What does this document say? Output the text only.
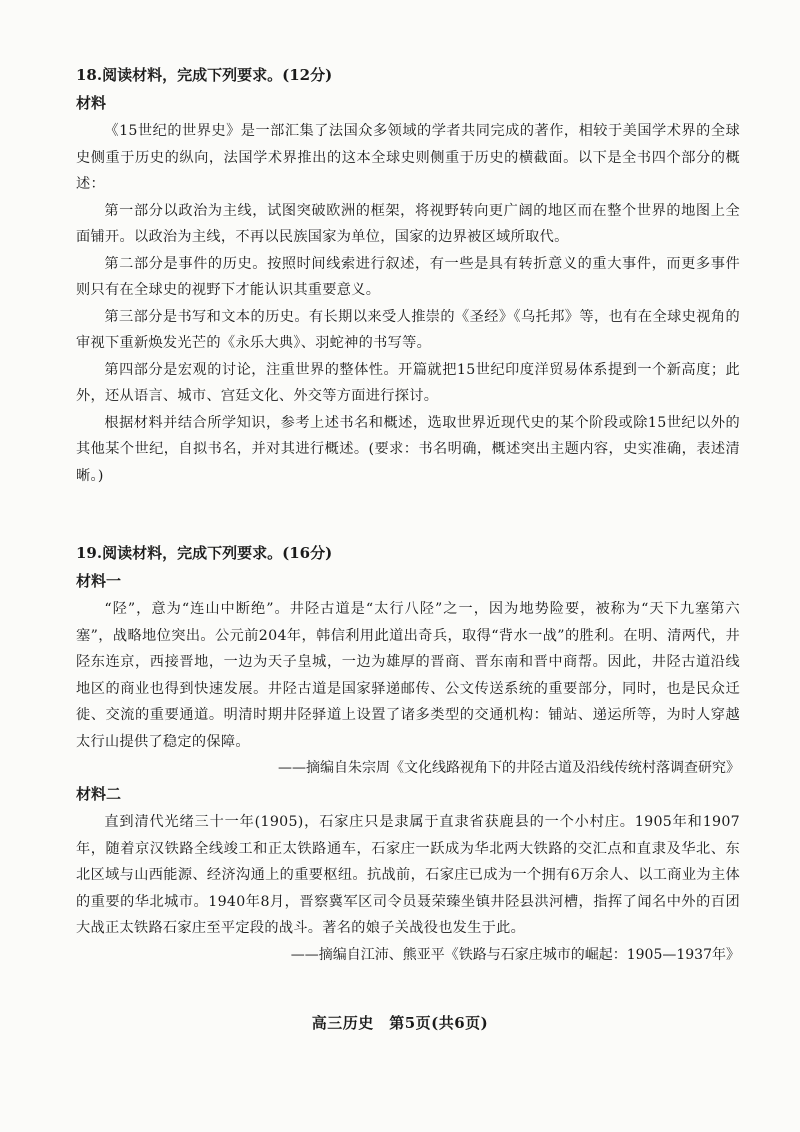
18.阅读材料，完成下列要求。(12分)
材料

《15世纪的世界史》是一部汇集了法国众多领域的学者共同完成的著作，相较于美国学术界的全球史侧重于历史的纵向，法国学术界推出的这本全球史则侧重于历史的横截面。以下是全书四个部分的概述：

第一部分以政治为主线，试图突破欧洲的框架，将视野转向更广阔的地区而在整个世界的地图上全面铺开。以政治为主线，不再以民族国家为单位，国家的边界被区域所取代。

第二部分是事件的历史。按照时间线索进行叙述，有一些是具有转折意义的重大事件，而更多事件则只有在全球史的视野下才能认识其重要意义。

第三部分是书写和文本的历史。有长期以来受人推崇的《圣经》《乌托邦》等，也有在全球史视角的审视下重新焕发光芒的《永乐大典》、羽蛇神的书写等。

第四部分是宏观的讨论，注重世界的整体性。开篇就把15世纪印度洋贸易体系提到一个新高度；此外，还从语言、城市、宫廷文化、外交等方面进行探讨。

根据材料并结合所学知识，参考上述书名和概述，选取世界近现代史的某个阶段或除15世纪以外的其他某个世纪，自拟书名，并对其进行概述。(要求：书名明确，概述突出主题内容，史实准确，表述清晰。)

19.阅读材料，完成下列要求。(16分)
材料一

“陉”，意为“连山中断绝”。井陉古道是“太行八陉”之一，因为地势险要，被称为“天下九塞第六塞”，战略地位突出。公元前204年，韩信利用此道出奇兵，取得“背水一战”的胜利。在明、清两代，井陉东连京，西接晋地，一边为天子皇城，一边为雄厚的晋商、晋东南和晋中商帮。因此，井陉古道沿线地区的商业也得到快速发展。井陉古道是国家驿递邮传、公文传送系统的重要部分，同时，也是民众迁徙、交流的重要通道。明清时期井陉驿道上设置了诸多类型的交通机构：铺站、递运所等，为时人穿越太行山提供了稳定的保障。

——摘编自朱宗周《文化线路视角下的井陉古道及沿线传统村落调查研究》

材料二

直到清代光绪三十一年(1905)，石家庄只是隶属于直隶省获鹿县的一个小村庄。1905年和1907年，随着京汉铁路全线竣工和正太铁路通车，石家庄一跃成为华北两大铁路的交汇点和直隶及华北、东北区域与山西能源、经济沟通上的重要枢纽。抗战前，石家庄已成为一个拥有6万余人、以工商业为主体的重要的华北城市。1940年8月，晋察冀军区司令员聂荣臻坐镇井陉县洪河槽，指挥了闻名中外的百团大战正太铁路石家庄至平定段的战斗。著名的娘子关战役也发生于此。

——摘编自江沛、熊亚平《铁路与石家庄城市的崛起：1905—1937年》

高三历史　第5页(共6页)
